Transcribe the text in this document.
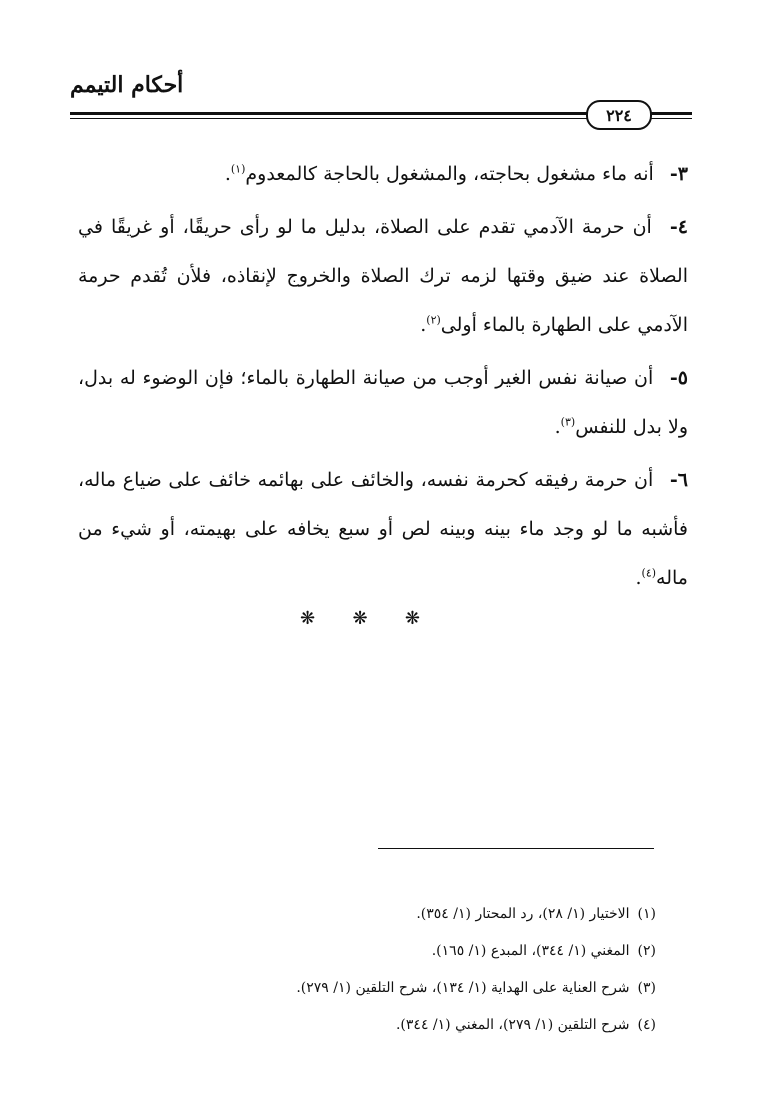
أحكام التيمم
٢٢٤

٣- أنه ماء مشغول بحاجته، والمشغول بالحاجة كالمعدوم$^{(١)}$.

٤- أن حرمة الآدمي تقدم على الصلاة، بدليل ما لو رأى حريقًا، أو غريقًا في الصلاة عند ضيق وقتها لزمه ترك الصلاة والخروج لإنقاذه، فلأن تُقدم حرمة الآدمي على الطهارة بالماء أولى$^{(٢)}$.

٥- أن صيانة نفس الغير أوجب من صيانة الطهارة بالماء؛ فإن الوضوء له بدل، ولا بدل للنفس$^{(٣)}$.

٦- أن حرمة رفيقه كحرمة نفسه، والخائف على بهائمه خائف على ضياع ماله، فأشبه ما لو وجد ماء بينه وبينه لص أو سبع يخافه على بهيمته، أو شيء من ماله$^{(٤)}$.

❋ ❋ ❋

(١)الاختيار (١/ ٢٨)، رد المحتار (١/ ٣٥٤).

(٢)المغني (١/ ٣٤٤)، المبدع (١/ ١٦٥).

(٣)شرح العناية على الهداية (١/ ١٣٤)، شرح التلقين (١/ ٢٧٩).

(٤)شرح التلقين (١/ ٢٧٩)، المغني (١/ ٣٤٤).
